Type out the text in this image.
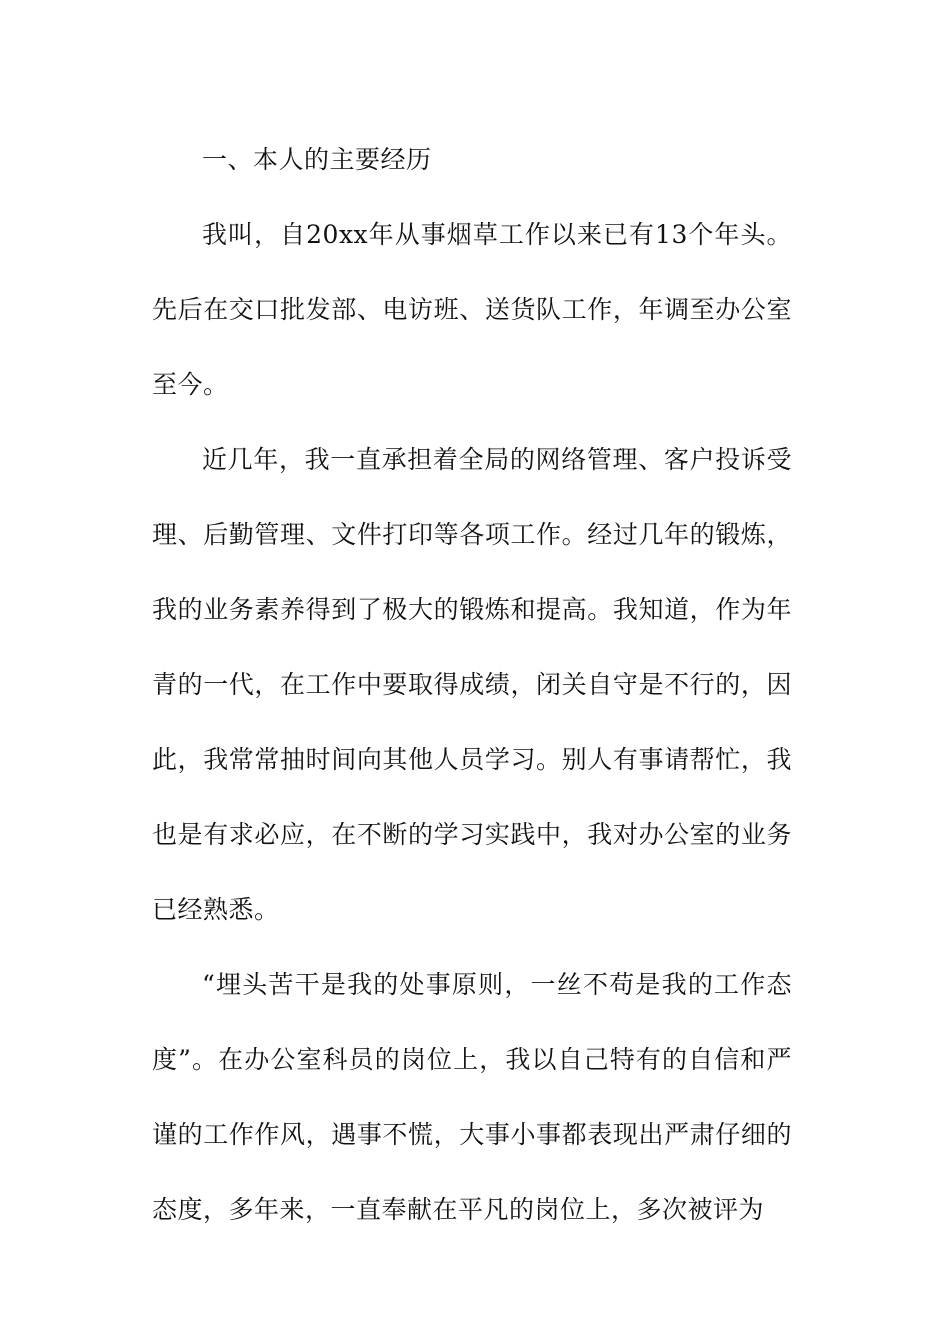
一、本人的主要经历

我叫，自20xx年从事烟草工作以来已有13个年头。先后在交口批发部、电访班、送货队工作，年调至办公室至今。

近几年，我一直承担着全局的网络管理、客户投诉受理、后勤管理、文件打印等各项工作。经过几年的锻炼，我的业务素养得到了极大的锻炼和提高。我知道，作为年青的一代，在工作中要取得成绩，闭关自守是不行的，因此，我常常抽时间向其他人员学习。别人有事请帮忙，我也是有求必应，在不断的学习实践中，我对办公室的业务已经熟悉。

“埋头苦干是我的处事原则，一丝不苟是我的工作态度”。在办公室科员的岗位上，我以自己特有的自信和严谨的工作作风，遇事不慌，大事小事都表现出严肃仔细的态度，多年来，一直奉献在平凡的岗位上，多次被评为
